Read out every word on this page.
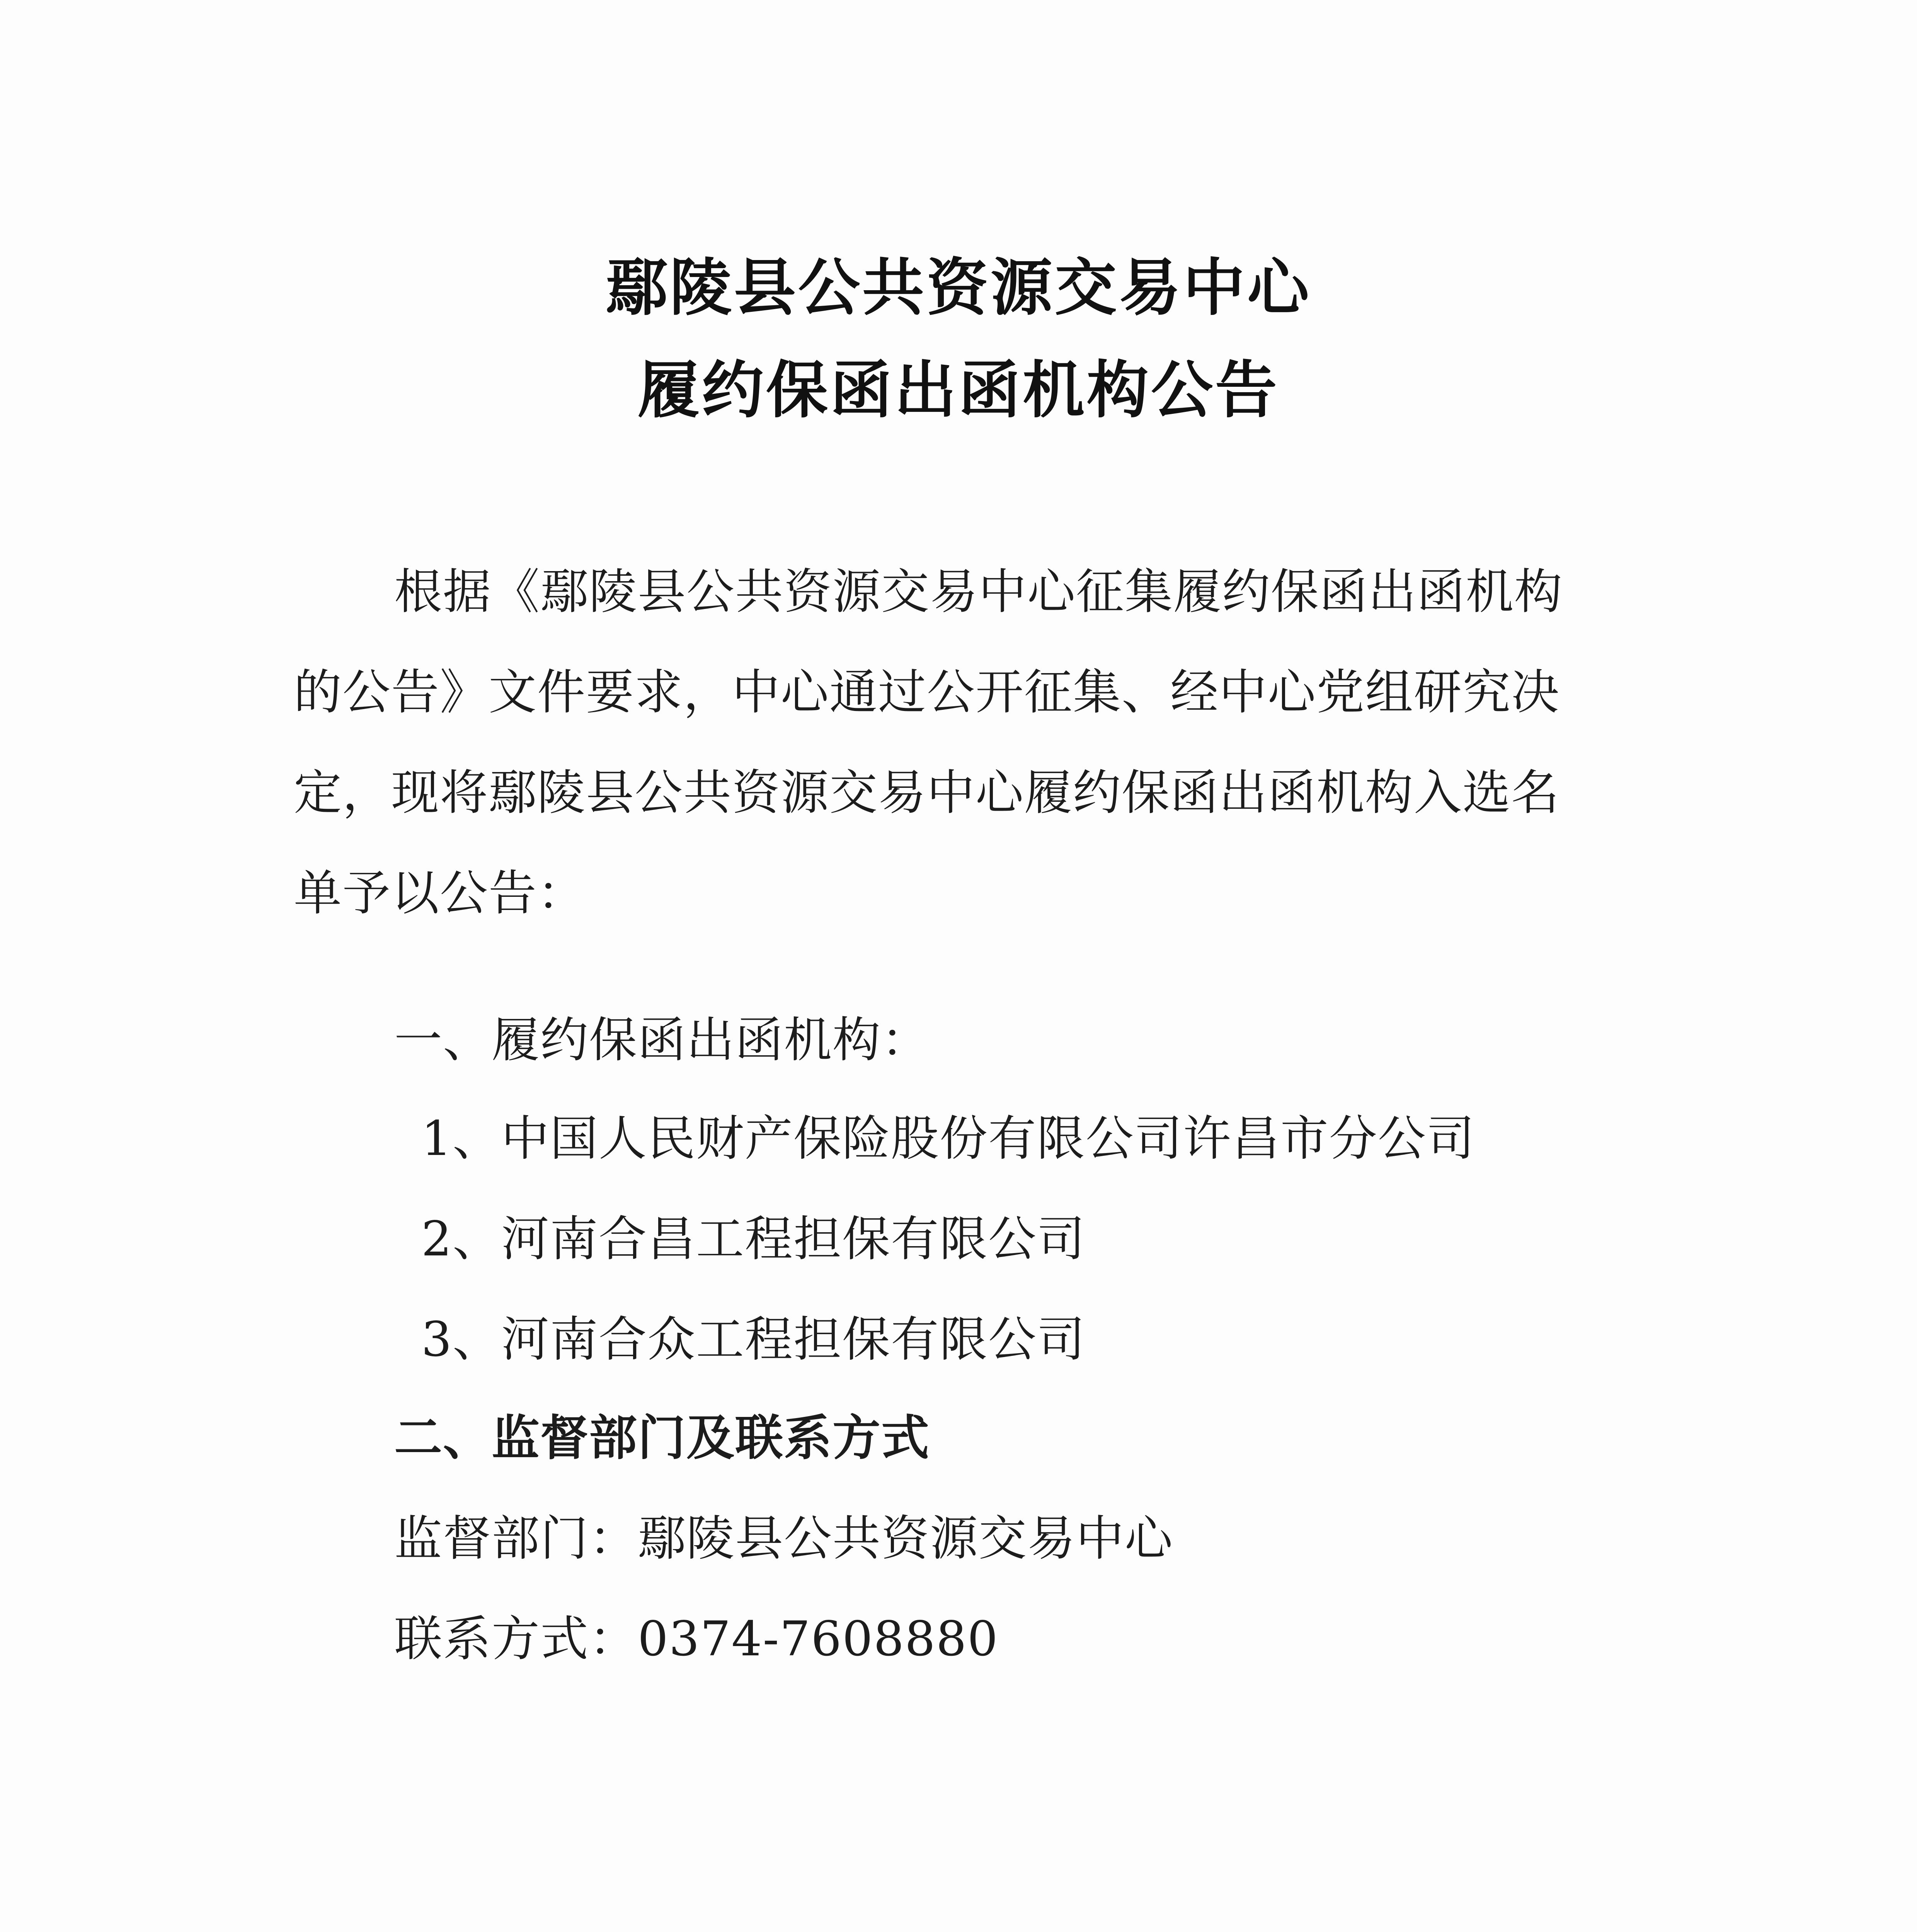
鄢陵县公共资源交易中心
履约保函出函机构公告
根据《鄢陵县公共资源交易中心征集履约保函出函机构
的公告》文件要求，中心通过公开征集、经中心党组研究决
定，现将鄢陵县公共资源交易中心履约保函出函机构入选名
单予以公告：
一、履约保函出函机构：
1、中国人民财产保险股份有限公司许昌市分公司
2、河南合昌工程担保有限公司
3、河南合众工程担保有限公司
二、监督部门及联系方式
监督部门：鄢陵县公共资源交易中心
联系方式：0374-7608880
